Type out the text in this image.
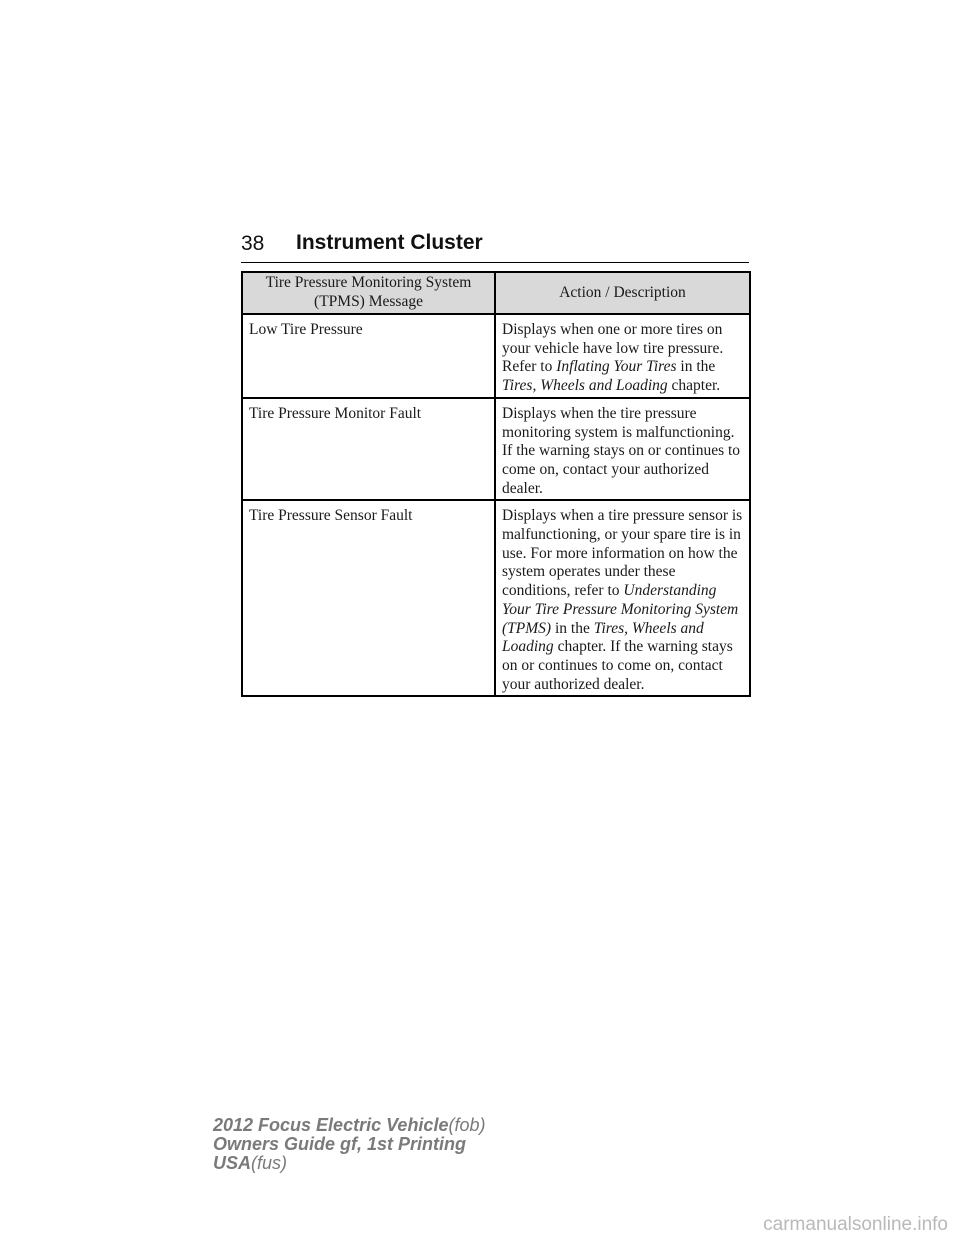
38 Instrument Cluster
Tire Pressure Monitoring System (TPMS) Message	Action / Description
Low Tire Pressure	Displays when one or more tires on your vehicle have low tire pressure. Refer to Inflating Your Tires in the Tires, Wheels and Loading chapter.
Tire Pressure Monitor Fault	Displays when the tire pressure monitoring system is malfunctioning. If the warning stays on or continues to come on, contact your authorized dealer.
Tire Pressure Sensor Fault	Displays when a tire pressure sensor is malfunctioning, or your spare tire is in use. For more information on how the system operates under these conditions, refer to Understanding Your Tire Pressure Monitoring System (TPMS) in the Tires, Wheels and Loading chapter. If the warning stays on or continues to come on, contact your authorized dealer.
2012 Focus Electric Vehicle(fob)
Owners Guide gf, 1st Printing
USA(fus)
carmanualsonline.info
